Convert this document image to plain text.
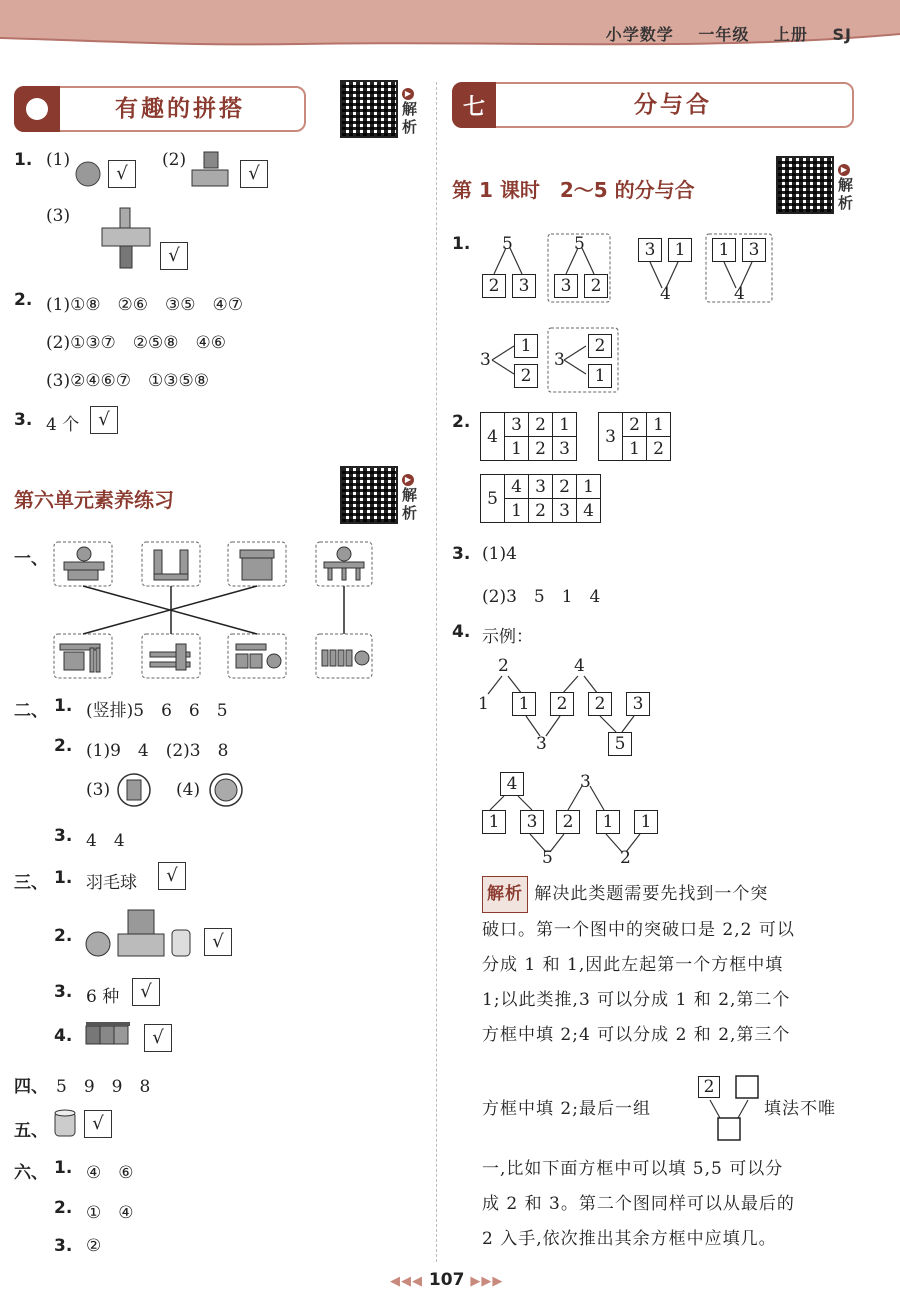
小学数学 一年级 上册 SJ
有趣的拼搭
▶
解
析
1. (1)
√
(2)
√
(3)
√
2. (1)①⑧　②⑥　③⑤　④⑦
(2)①③⑦　②⑤⑧　④⑥
(3)②④⑥⑦　①③⑤⑧
3. 4 个	√
第六单元素养练习
▶
解
析
一、
二、 1. (竖排)5　6　6　5
2. (1)9　4　(2)3　8
(3)	(4)
3. 4　4
三、 1. 羽毛球	√
2.	√
3. 6 种	√
4.	√
四、 5　9　9　8
五、	√
六、 1. ④　⑥
2. ①　④
3. ②
七	分与合
第 1 课时　2～5 的分与合
▶
解
析
1. 5
2	3
5
3	2
3	1
4
1	3
4
3
1
2
3
2
1
2.
4	3	2	1
	1	2	3
3	2	1
	1	2
5	4	3	2	1
	1	2	3	4
3. (1)4
(2)3　5　1　4
4. 示例：
2	4
1	1	2	2	3
3	5
4	3
1	3	2	1	1
5	2
解析 解决此类题需要先找到一个突
破口。第一个图中的突破口是 2,2 可以
分成 1 和 1,因此左起第一个方框中填
1;以此类推,3 可以分成 1 和 2,第二个
方框中填 2;4 可以分成 2 和 2,第三个
方框中填 2;最后一组
2
填法不唯
一,比如下面方框中可以填 5,5 可以分
成 2 和 3。第二个图同样可以从最后的
2 入手,依次推出其余方框中应填几。
◀◀◀ 107 ▶▶▶
